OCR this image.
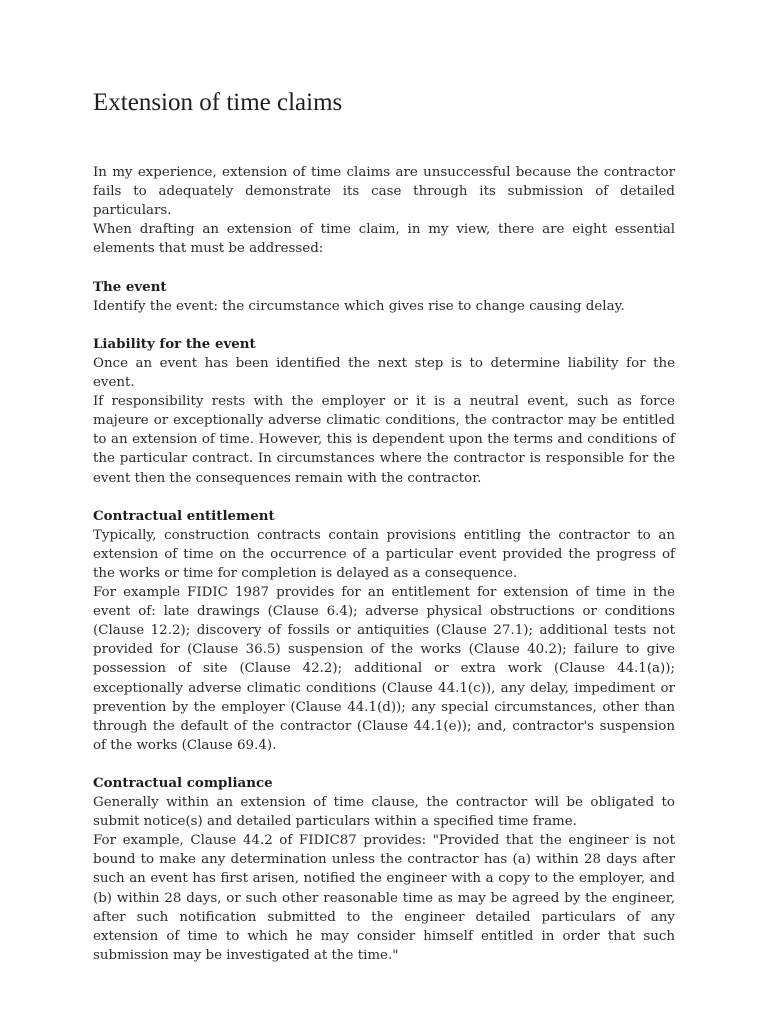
Extension of time claims

In my experience, extension of time claims are unsuccessful because the contractor fails to adequately demonstrate its case through its submission of detailed particulars.

When drafting an extension of time claim, in my view, there are eight essential elements that must be addressed:

The event

Identify the event: the circumstance which gives rise to change causing delay.

Liability for the event

Once an event has been identified the next step is to determine liability for the event.

If responsibility rests with the employer or it is a neutral event, such as force majeure or exceptionally adverse climatic conditions, the contractor may be entitled to an extension of time. However, this is dependent upon the terms and conditions of the particular contract. In circumstances where the contractor is responsible for the event then the consequences remain with the contractor.

Contractual entitlement

Typically, construction contracts contain provisions entitling the contractor to an extension of time on the occurrence of a particular event provided the progress of the works or time for completion is delayed as a consequence.

For example FIDIC 1987 provides for an entitlement for extension of time in the event of: late drawings (Clause 6.4); adverse physical obstructions or conditions (Clause 12.2); discovery of fossils or antiquities (Clause 27.1); additional tests not provided for (Clause 36.5) suspension of the works (Clause 40.2); failure to give possession of site (Clause 42.2); additional or extra work (Clause 44.1(a)); exceptionally adverse climatic conditions (Clause 44.1(c)), any delay, impediment or prevention by the employer (Clause 44.1(d)); any special circumstances, other than through the default of the contractor (Clause 44.1(e)); and, contractor's suspension of the works (Clause 69.4).

Contractual compliance

Generally within an extension of time clause, the contractor will be obligated to submit notice(s) and detailed particulars within a specified time frame.

For example, Clause 44.2 of FIDIC87 provides: "Provided that the engineer is not bound to make any determination unless the contractor has (a) within 28 days after such an event has first arisen, notified the engineer with a copy to the employer, and (b) within 28 days, or such other reasonable time as may be agreed by the engineer, after such notification submitted to the engineer detailed particulars of any extension of time to which he may consider himself entitled in order that such submission may be investigated at the time."
